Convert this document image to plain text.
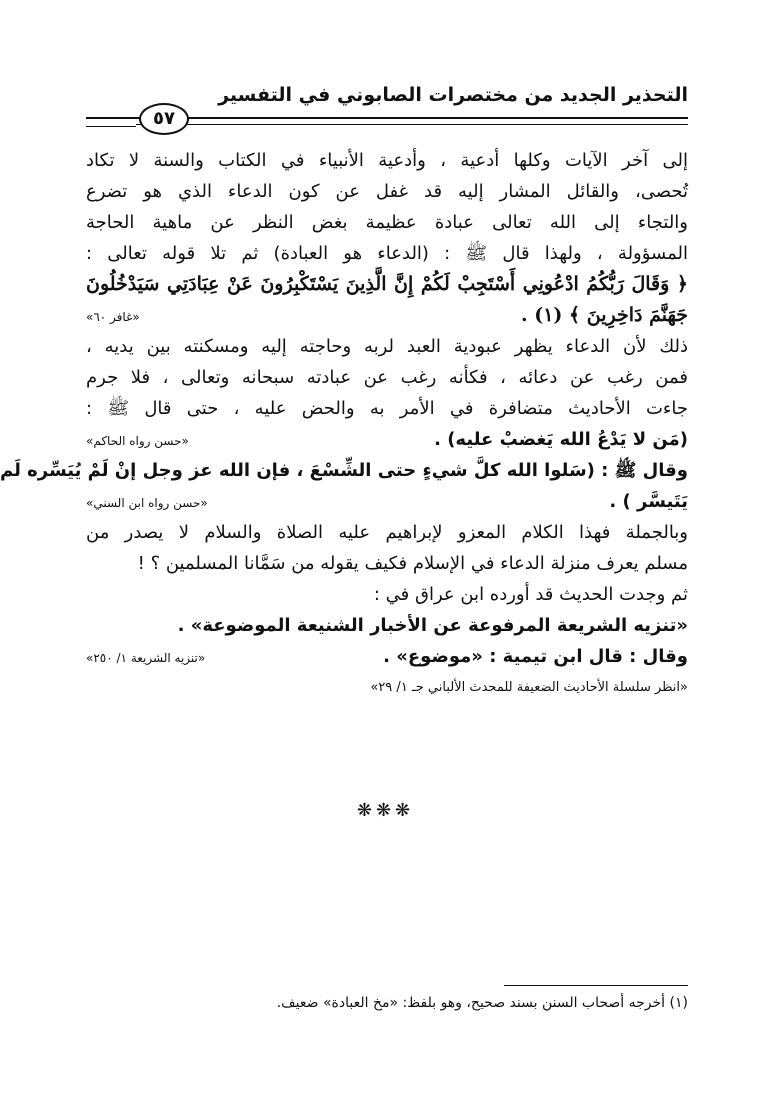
التحذير الجديد من مختصرات الصابوني في التفسير
٥٧
إلى آخر الآيات وكلها أدعية ، وأدعية الأنبياء في الكتاب والسنة لا تكاد
تُحصى، والقائل المشار إليه قد غفل عن كون الدعاء الذي هو تضرع
والتجاء إلى الله تعالى عبادة عظيمة بغض النظر عن ماهية الحاجة
المسؤولة ، ولهذا قال ﷺ : (الدعاء هو العبادة) ثم تلا قوله تعالى :
﴿ وَقَالَ رَبُّكُمُ ادْعُونِي أَسْتَجِبْ لَكُمْ إِنَّ الَّذِينَ يَسْتَكْبِرُونَ عَنْ عِبَادَتِي سَيَدْخُلُونَ
جَهَنَّمَ دَاخِرِينَ ﴾ (١) .
«غافر ٦٠»
ذلك لأن الدعاء يظهر عبودية العبد لربه وحاجته إليه ومسكنته بين يديه ،
فمن رغب عن دعائه ، فكأنه رغب عن عبادته سبحانه وتعالى ، فلا جرم
جاءت الأحاديث متضافرة في الأمر به والحض عليه ، حتى قال ﷺ :
(مَن لا يَدْعُ الله يَغضبْ عليه) .
«حسن رواه الحاكم»
وقال ﷺ : (سَلوا الله كلَّ شيءٍ حتى الشِّسْعَ ، فإن الله عز وجل إنْ لَمْ يُيَسِّره لَم
يَتَيسَّر ) .
«حسن رواه ابن السني»
وبالجملة فهذا الكلام المعزو لإبراهيم عليه الصلاة والسلام لا يصدر من
مسلم يعرف منزلة الدعاء في الإسلام فكيف يقوله من سَمَّانا المسلمين ؟ !
ثم وجدت الحديث قد أورده ابن عراق في :
«تنزيه الشريعة المرفوعة عن الأخبار الشنيعة الموضوعة» .
وقال : قال ابن تيمية : «موضوع» .
«تنزيه الشريعة ١/ ٢٥٠»
«انظر سلسلة الأحاديث الضعيفة للمحدث الألباني جـ ١/ ٢٩»
❋❋❋
(١) أخرجه أصحاب السنن بسند صحيح، وهو بلفظ: «مخ العبادة» ضعيف.
